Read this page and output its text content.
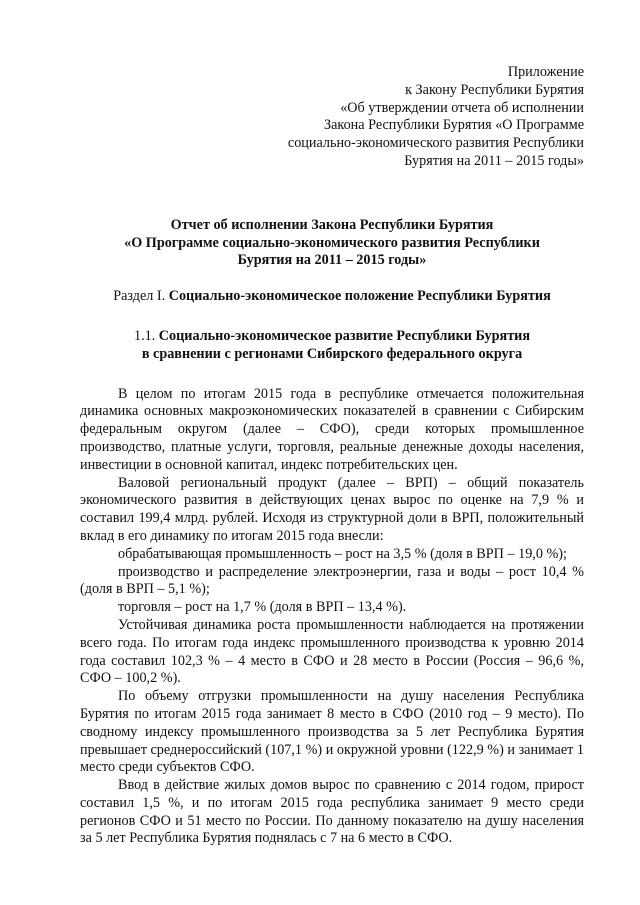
Приложение
к Закону Республики Бурятия
«Об утверждении отчета об исполнении
Закона Республики Бурятия «О Программе
социально-экономического развития Республики
Бурятия на 2011 – 2015 годы»
Отчет об исполнении Закона Республики Бурятия
«О Программе социально-экономического развития Республики
Бурятия на 2011 – 2015 годы»
Раздел I. Социально-экономическое положение Республики Бурятия
1.1. Социально-экономическое развитие Республики Бурятия
в сравнении с регионами Сибирского федерального округа

В целом по итогам 2015 года в республике отмечается положительная динамика основных макроэкономических показателей в сравнении с Сибирским федеральным округом (далее – СФО), среди которых промышленное производство, платные услуги, торговля, реальные денежные доходы населения, инвестиции в основной капитал, индекс потребительских цен.

Валовой региональный продукт (далее – ВРП) – общий показатель экономического развития в действующих ценах вырос по оценке на 7,9 % и составил 199,4 млрд. рублей. Исходя из структурной доли в ВРП, положительный вклад в его динамику по итогам 2015 года внесли:

обрабатывающая промышленность – рост на 3,5 % (доля в ВРП – 19,0 %);

производство и распределение электроэнергии, газа и воды – рост 10,4 % (доля в ВРП – 5,1 %);

торговля – рост на 1,7 % (доля в ВРП – 13,4 %).

Устойчивая динамика роста промышленности наблюдается на протяжении всего года. По итогам года индекс промышленного производства к уровню 2014 года составил 102,3 % – 4 место в СФО и 28 место в России (Россия – 96,6 %, СФО – 100,2 %).

По объему отгрузки промышленности на душу населения Республика Бурятия по итогам 2015 года занимает 8 место в СФО (2010 год – 9 место). По сводному индексу промышленного производства за 5 лет Республика Бурятия превышает среднероссийский (107,1 %) и окружной уровни (122,9 %) и занимает 1 место среди субъектов СФО.

Ввод в действие жилых домов вырос по сравнению с 2014 годом, прирост составил 1,5 %, и по итогам 2015 года республика занимает 9 место среди регионов СФО и 51 место по России. По данному показателю на душу населения за 5 лет Республика Бурятия поднялась с 7 на 6 место в СФО.
